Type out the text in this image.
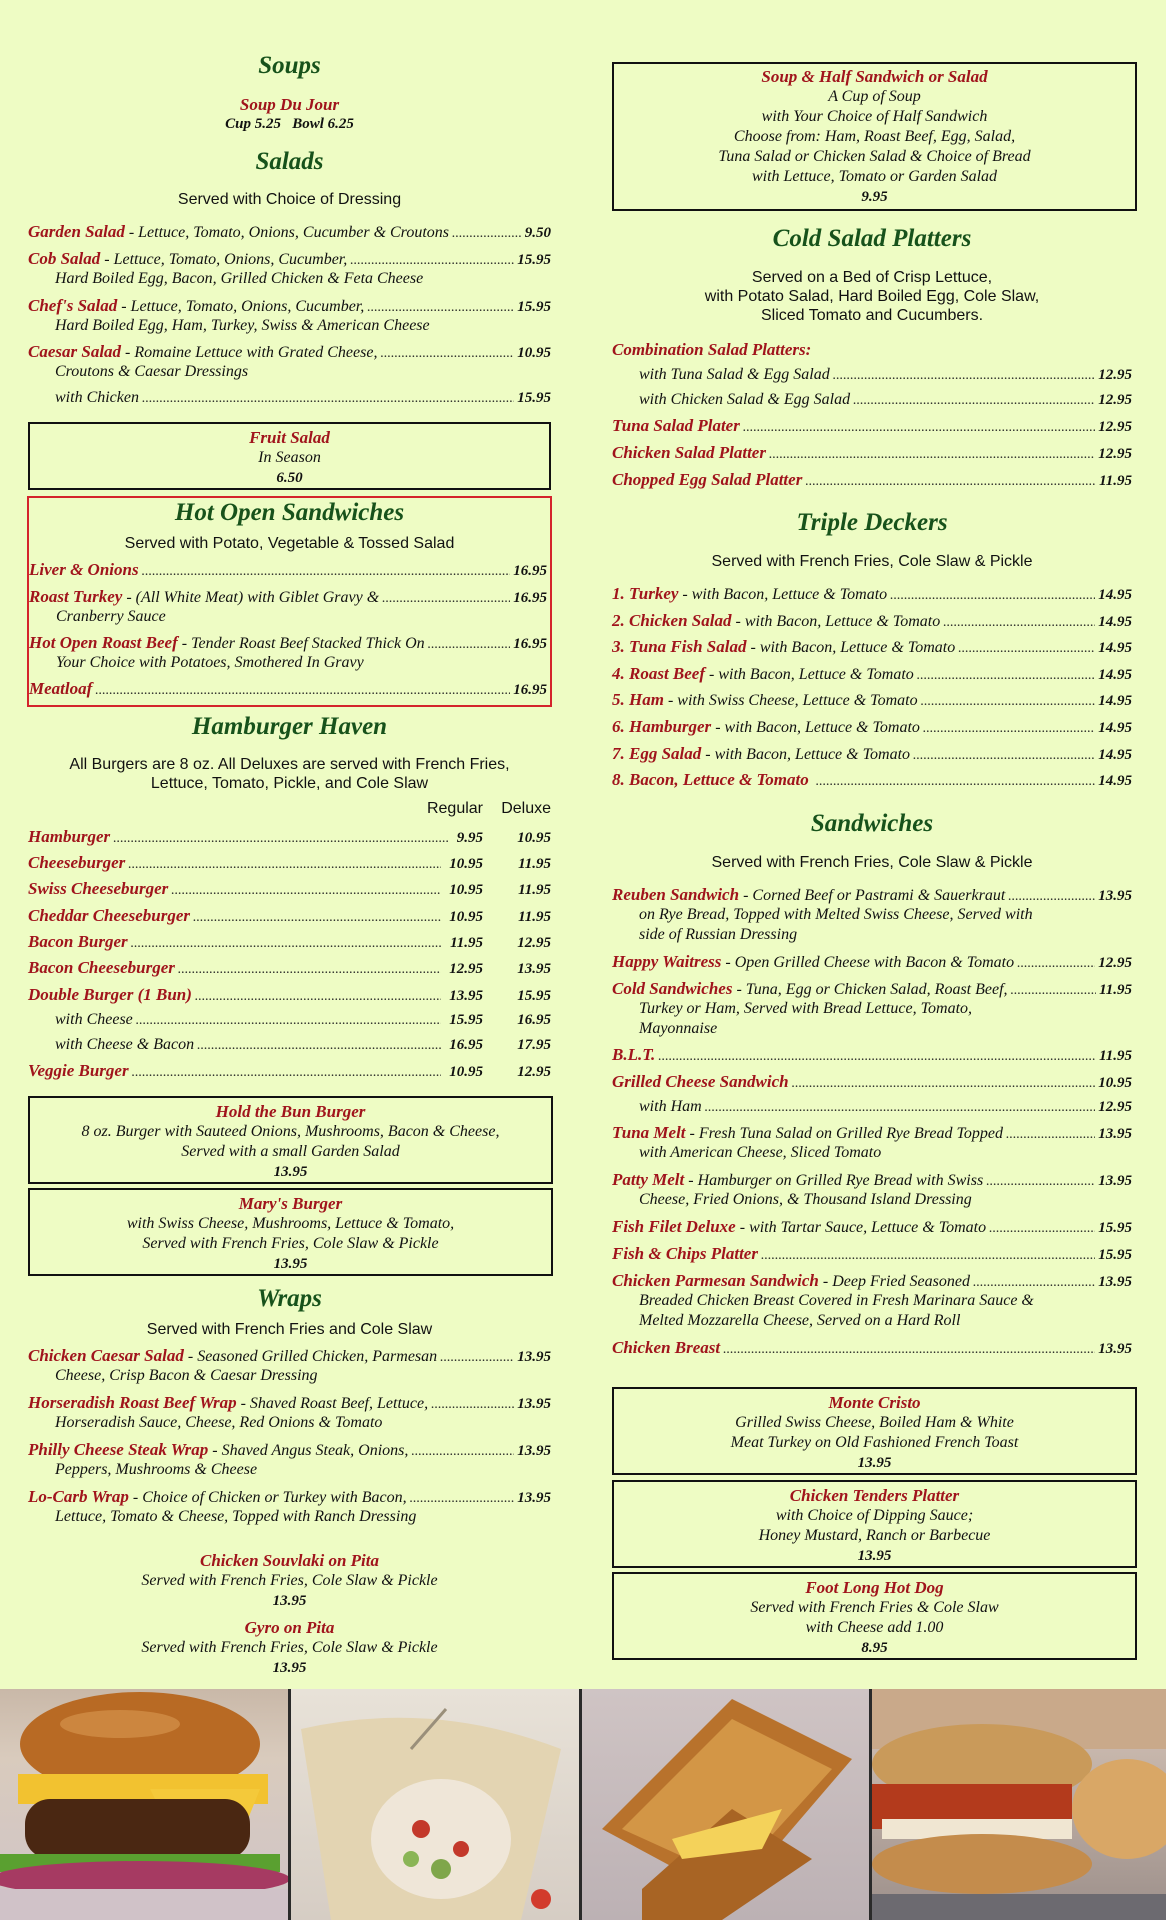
Soups
Soup Du Jour
Cup 5.25   Bowl 6.25
Salads
Served with Choice of Dressing
Garden Salad - Lettuce, Tomato, Onions, Cucumber & Croutons .....	9.50
Cob Salad - Lettuce, Tomato, Onions, Cucumber, .....	15.95
Hard Boiled Egg, Bacon, Grilled Chicken & Feta Cheese
Chef's Salad - Lettuce, Tomato, Onions, Cucumber, .....	15.95
Hard Boiled Egg, Ham, Turkey, Swiss & American Cheese
Caesar Salad - Romaine Lettuce with Grated Cheese, .....	10.95
Croutons & Caesar Dressings
with Chicken .....	15.95
Fruit Salad
In Season
6.50
Hot Open Sandwiches
Served with Potato, Vegetable & Tossed Salad
Liver & Onions .....	16.95
Roast Turkey - (All White Meat) with Giblet Gravy & .....	16.95
Cranberry Sauce
Hot Open Roast Beef - Tender Roast Beef Stacked Thick On .....	16.95
Your Choice with Potatoes, Smothered In Gravy
Meatloaf .....	16.95
Hamburger Haven
All Burgers are 8 oz. All Deluxes are served with French Fries,
Lettuce, Tomato, Pickle, and Cole Slaw
Regular	Deluxe
Hold the Bun Burger
8 oz. Burger with Sauteed Onions, Mushrooms, Bacon & Cheese,
Served with a small Garden Salad
13.95
Mary's Burger
with Swiss Cheese, Mushrooms, Lettuce & Tomato,
Served with French Fries, Cole Slaw & Pickle
13.95
Wraps
Served with French Fries and Cole Slaw
Chicken Caesar Salad - Seasoned Grilled Chicken, Parmesan .....	13.95
Cheese, Crisp Bacon & Caesar Dressing
Horseradish Roast Beef Wrap - Shaved Roast Beef, Lettuce, .....	13.95
Horseradish Sauce, Cheese, Red Onions & Tomato
Philly Cheese Steak Wrap - Shaved Angus Steak, Onions, .....	13.95
Peppers, Mushrooms & Cheese
Lo-Carb Wrap - Choice of Chicken or Turkey with Bacon, .....	13.95
Lettuce, Tomato & Cheese, Topped with Ranch Dressing
Chicken Souvlaki on Pita
Served with French Fries, Cole Slaw & Pickle
13.95
Gyro on Pita
Served with French Fries, Cole Slaw & Pickle
13.95
Hamburger .....	9.95	10.95
Cheeseburger .....	10.95	11.95
Swiss Cheeseburger .....	10.95	11.95
Cheddar Cheeseburger .....	10.95	11.95
Bacon Burger .....	11.95	12.95
Bacon Cheeseburger .....	12.95	13.95
Double Burger (1 Bun) .....	13.95	15.95
with Cheese .....	15.95	16.95
with Cheese & Bacon .....	16.95	17.95
Veggie Burger .....	10.95	12.95
Soup & Half Sandwich or Salad
A Cup of Soup
with Your Choice of Half Sandwich
Choose from: Ham, Roast Beef, Egg, Salad,
Tuna Salad or Chicken Salad & Choice of Bread
with Lettuce, Tomato or Garden Salad
9.95
Cold Salad Platters
Served on a Bed of Crisp Lettuce,
with Potato Salad, Hard Boiled Egg, Cole Slaw,
Sliced Tomato and Cucumbers.
Combination Salad Platters:
with Tuna Salad & Egg Salad .....	12.95
with Chicken Salad & Egg Salad .....	12.95
Tuna Salad Plater .....	12.95
Chicken Salad Platter .....	12.95
Chopped Egg Salad Platter .....	11.95
Triple Deckers
Served with French Fries, Cole Slaw & Pickle
Sandwiches
Served with French Fries, Cole Slaw & Pickle
Reuben Sandwich - Corned Beef or Pastrami & Sauerkraut .....	13.95
on Rye Bread, Topped with Melted Swiss Cheese, Served with
side of Russian Dressing
Happy Waitress - Open Grilled Cheese with Bacon & Tomato .....	12.95
Cold Sandwiches - Tuna, Egg or Chicken Salad, Roast Beef, .....	11.95
Turkey or Ham, Served with Bread Lettuce, Tomato,
Mayonnaise
B.L.T. .....	11.95
Grilled Cheese Sandwich .....	10.95
with Ham .....	12.95
Tuna Melt - Fresh Tuna Salad on Grilled Rye Bread Topped .....	13.95
with American Cheese, Sliced Tomato
Patty Melt - Hamburger on Grilled Rye Bread with Swiss .....	13.95
Cheese, Fried Onions, & Thousand Island Dressing
Fish Filet Deluxe - with Tartar Sauce, Lettuce & Tomato .....	15.95
Fish & Chips Platter .....	15.95
Chicken Parmesan Sandwich - Deep Fried Seasoned .....	13.95
Breaded Chicken Breast Covered in Fresh Marinara Sauce &
Melted Mozzarella Cheese, Served on a Hard Roll
Chicken Breast .....	13.95
Monte Cristo
Grilled Swiss Cheese, Boiled Ham & White
Meat Turkey on Old Fashioned French Toast
13.95
Chicken Tenders Platter
with Choice of Dipping Sauce;
Honey Mustard, Ranch or Barbecue
13.95
Foot Long Hot Dog
Served with French Fries & Cole Slaw
with Cheese add 1.00
8.95
1. Turkey - with Bacon, Lettuce & Tomato .....	14.95
2. Chicken Salad - with Bacon, Lettuce & Tomato .....	14.95
3. Tuna Fish Salad - with Bacon, Lettuce & Tomato .....	14.95
4. Roast Beef - with Bacon, Lettuce & Tomato .....	14.95
5. Ham - with Swiss Cheese, Lettuce & Tomato .....	14.95
6. Hamburger - with Bacon, Lettuce & Tomato .....	14.95
7. Egg Salad - with Bacon, Lettuce & Tomato .....	14.95
8. Bacon, Lettuce & Tomato .....	14.95
